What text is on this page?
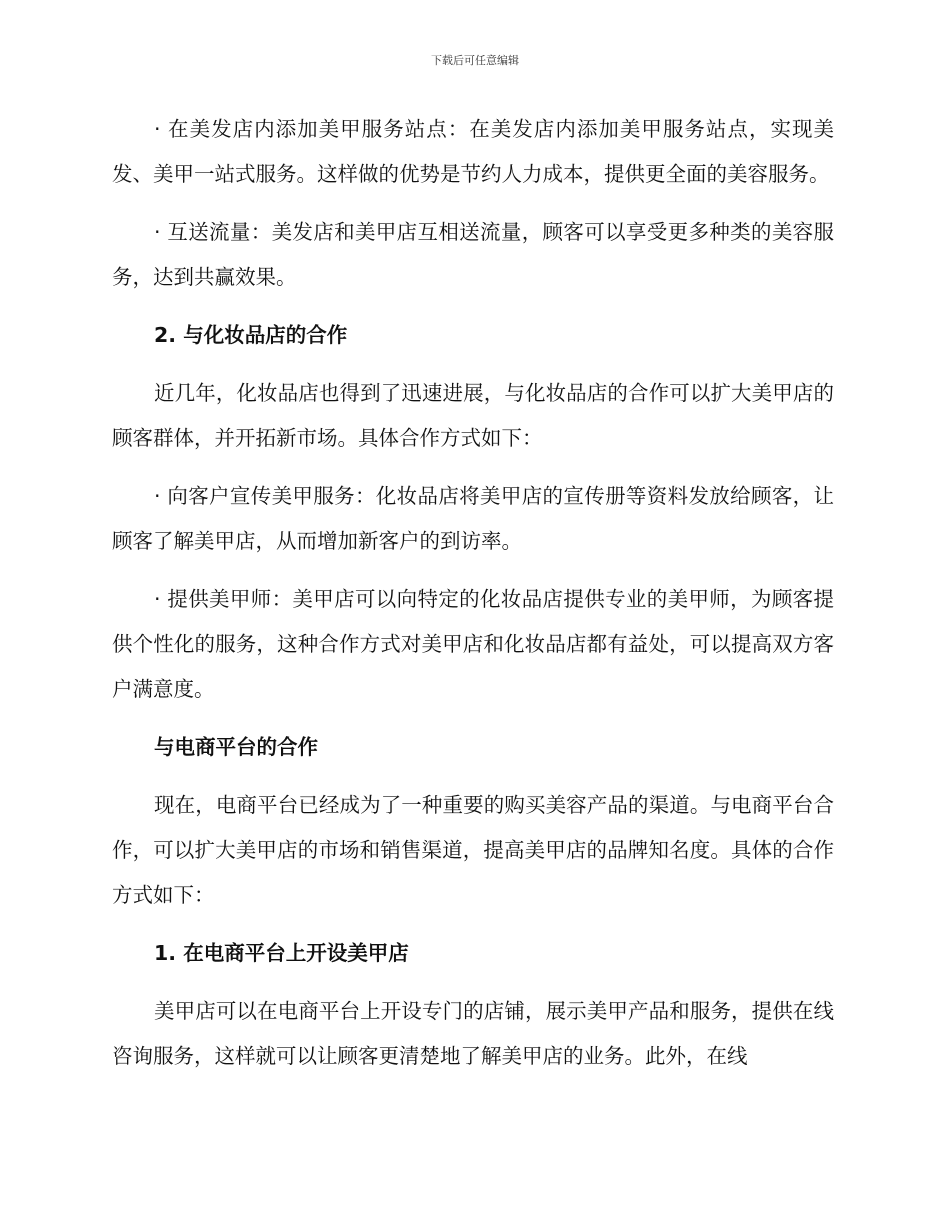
下载后可任意编辑

· 在美发店内添加美甲服务站点：在美发店内添加美甲服务站点，实现美发、美甲一站式服务。这样做的优势是节约人力成本，提供更全面的美容服务。

· 互送流量：美发店和美甲店互相送流量，顾客可以享受更多种类的美容服务，达到共赢效果。

2. 与化妆品店的合作

近几年，化妆品店也得到了迅速进展，与化妆品店的合作可以扩大美甲店的顾客群体，并开拓新市场。具体合作方式如下：

· 向客户宣传美甲服务：化妆品店将美甲店的宣传册等资料发放给顾客，让顾客了解美甲店，从而增加新客户的到访率。

· 提供美甲师：美甲店可以向特定的化妆品店提供专业的美甲师，为顾客提供个性化的服务，这种合作方式对美甲店和化妆品店都有益处，可以提高双方客户满意度。

与电商平台的合作

现在，电商平台已经成为了一种重要的购买美容产品的渠道。与电商平台合作，可以扩大美甲店的市场和销售渠道，提高美甲店的品牌知名度。具体的合作方式如下：

1. 在电商平台上开设美甲店

美甲店可以在电商平台上开设专门的店铺，展示美甲产品和服务，提供在线咨询服务，这样就可以让顾客更清楚地了解美甲店的业务。此外，在线
